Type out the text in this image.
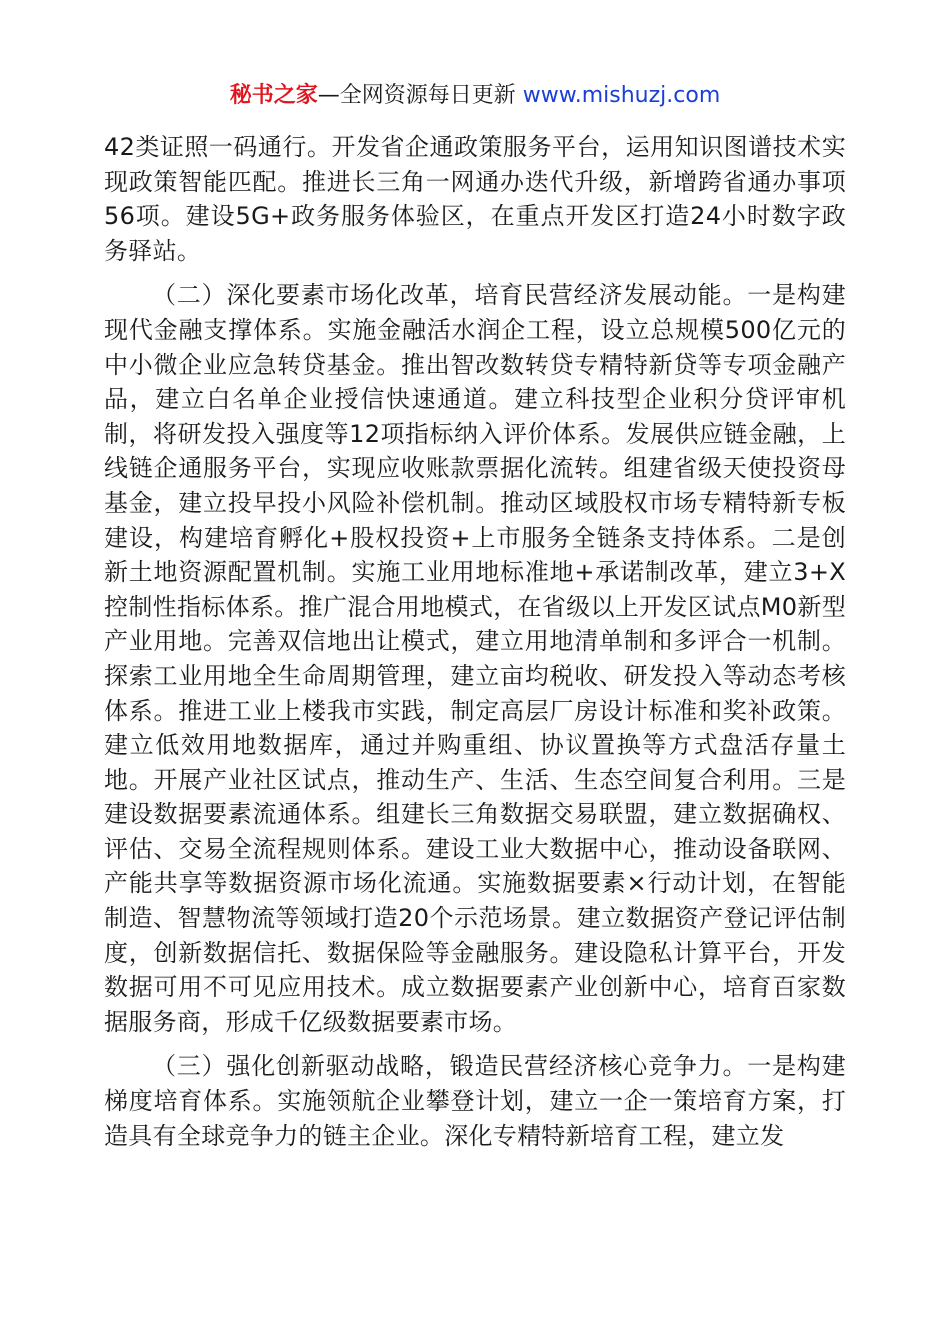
秘书之家—全网资源每日更新 www.mishuzj.com

42类证照一码通行。开发省企通政策服务平台，运用知识图谱技术实现政策智能匹配。推进长三角一网通办迭代升级，新增跨省通办事项56项。建设5G+政务服务体验区，在重点开发区打造24小时数字政务驿站。

（二）深化要素市场化改革，培育民营经济发展动能。一是构建现代金融支撑体系。实施金融活水润企工程，设立总规模500亿元的中小微企业应急转贷基金。推出智改数转贷专精特新贷等专项金融产品，建立白名单企业授信快速通道。建立科技型企业积分贷评审机制，将研发投入强度等12项指标纳入评价体系。发展供应链金融，上线链企通服务平台，实现应收账款票据化流转。组建省级天使投资母基金，建立投早投小风险补偿机制。推动区域股权市场专精特新专板建设，构建培育孵化+股权投资+上市服务全链条支持体系。二是创新土地资源配置机制。实施工业用地标准地+承诺制改革，建立3+X控制性指标体系。推广混合用地模式，在省级以上开发区试点M0新型产业用地。完善双信地出让模式，建立用地清单制和多评合一机制。探索工业用地全生命周期管理，建立亩均税收、研发投入等动态考核体系。推进工业上楼我市实践，制定高层厂房设计标准和奖补政策。建立低效用地数据库，通过并购重组、协议置换等方式盘活存量土地。开展产业社区试点，推动生产、生活、生态空间复合利用。三是建设数据要素流通体系。组建长三角数据交易联盟，建立数据确权、评估、交易全流程规则体系。建设工业大数据中心，推动设备联网、产能共享等数据资源市场化流通。实施数据要素×行动计划，在智能制造、智慧物流等领域打造20个示范场景。建立数据资产登记评估制度，创新数据信托、数据保险等金融服务。建设隐私计算平台，开发数据可用不可见应用技术。成立数据要素产业创新中心，培育百家数据服务商，形成千亿级数据要素市场。

（三）强化创新驱动战略，锻造民营经济核心竞争力。一是构建梯度培育体系。实施领航企业攀登计划，建立一企一策培育方案，打造具有全球竞争力的链主企业。深化专精特新培育工程，建立发
